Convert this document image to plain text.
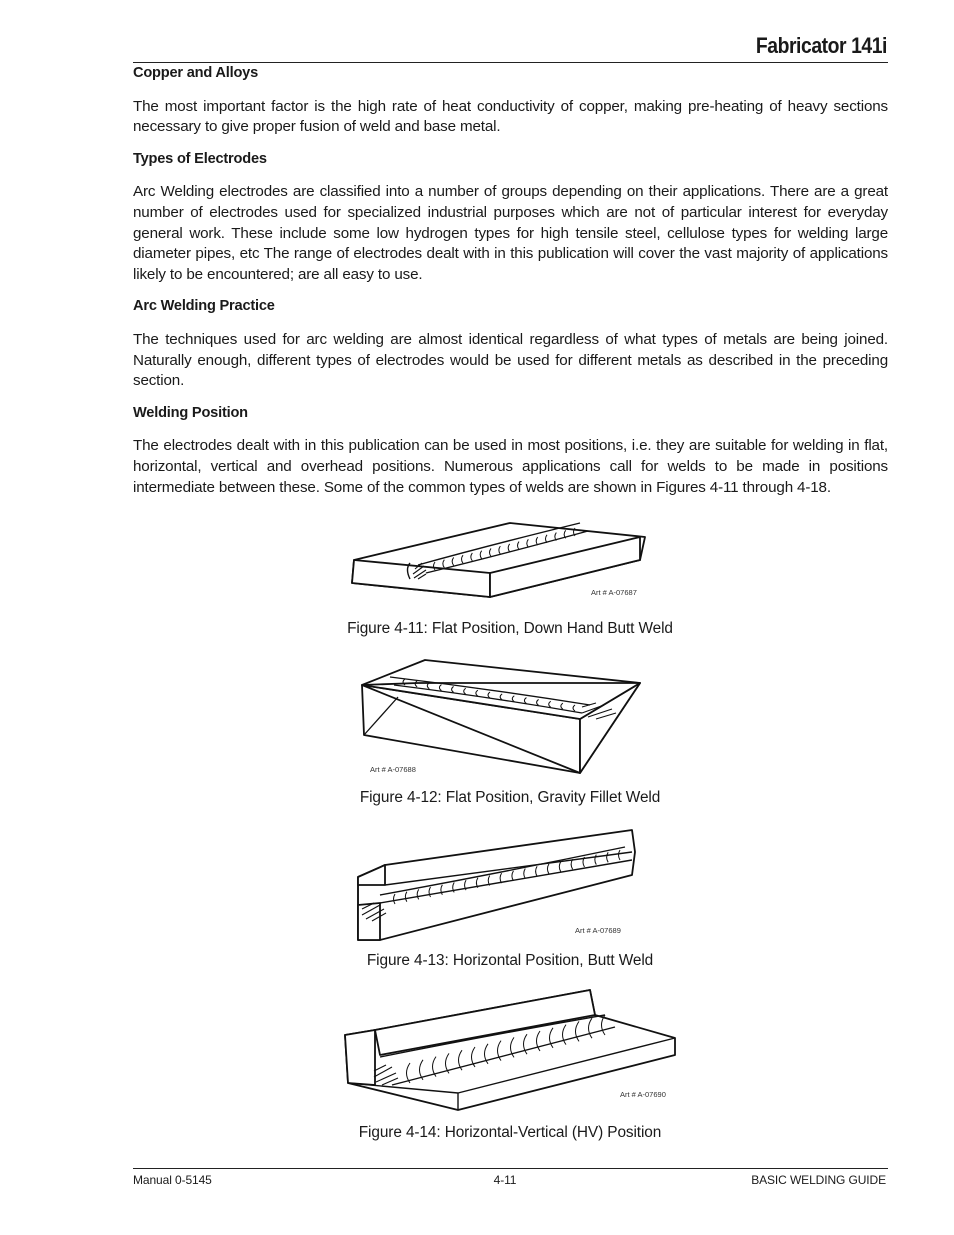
Fabricator 141i
Copper and Alloys

The most important factor is the high rate of heat conductivity of copper, making pre-heating of heavy sections necessary to give proper fusion of weld and base metal.

Types of Electrodes

Arc Welding electrodes are classified into a number of groups depending on their applications. There are a great number of electrodes used for specialized industrial purposes which are not of particular interest for everyday general work. These include some low hydrogen types for high tensile steel, cellulose types for welding large diameter pipes, etc The range of electrodes dealt with in this publication will cover the vast majority of applications likely to be encountered; are all easy to use.

Arc Welding Practice

The techniques used for arc welding are almost identical regardless of what types of metals are being joined. Naturally enough, different types of electrodes would be used for different metals as described in the preceding section.

Welding Position

The electrodes dealt with in this publication can be used in most positions, i.e. they are suitable for welding in flat, horizontal, vertical and overhead positions. Numerous applications call for welds to be made in positions intermediate between these. Some of the common types of welds are shown in Figures 4-11 through 4-18.

Art # A-07687
Figure 4-11: Flat Position, Down Hand Butt Weld
Art # A-07688
Figure 4-12: Flat Position, Gravity Fillet Weld
Art # A-07689
Figure 4-13: Horizontal Position, Butt Weld
Art # A-07690
Figure 4-14: Horizontal-Vertical (HV) Position
Manual 0-5145	4-11	BASIC WELDING GUIDE
